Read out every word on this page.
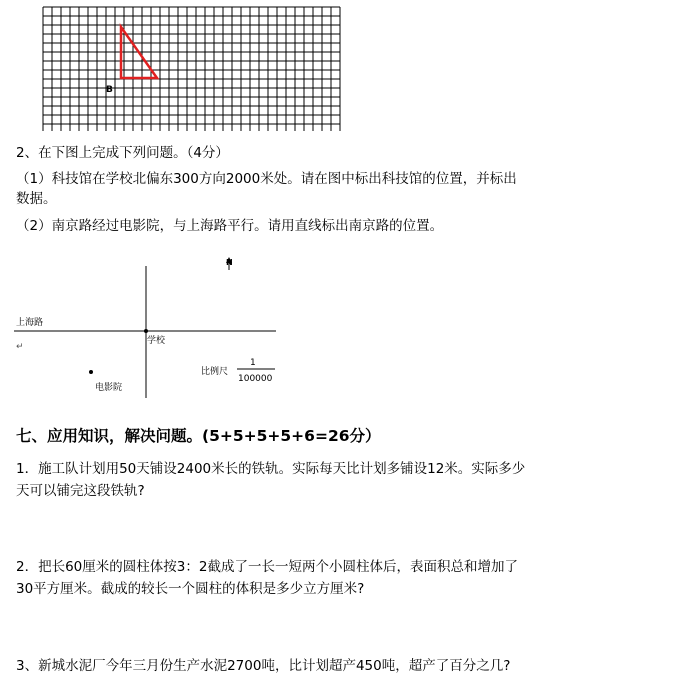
B
2、在下图上完成下列问题。（4分）
（1）科技馆在学校北偏东300方向2000米处。请在图中标出科技馆的位置，并标出
数据。
（2）南京路经过电影院，与上海路平行。请用直线标出南京路的位置。
N
上海路
↵
学校
电影院
比例尺
1
100000
七、应用知识，解决问题。(5+5+5+5+6=26分）
1．施工队计划用50天铺设2400米长的铁轨。实际每天比计划多铺设12米。实际多少
天可以铺完这段铁轨?
2．把长60厘米的圆柱体按3：2截成了一长一短两个小圆柱体后，表面积总和增加了
30平方厘米。截成的较长一个圆柱的体积是多少立方厘米?
3、新城水泥厂今年三月份生产水泥2700吨，比计划超产450吨，超产了百分之几?
